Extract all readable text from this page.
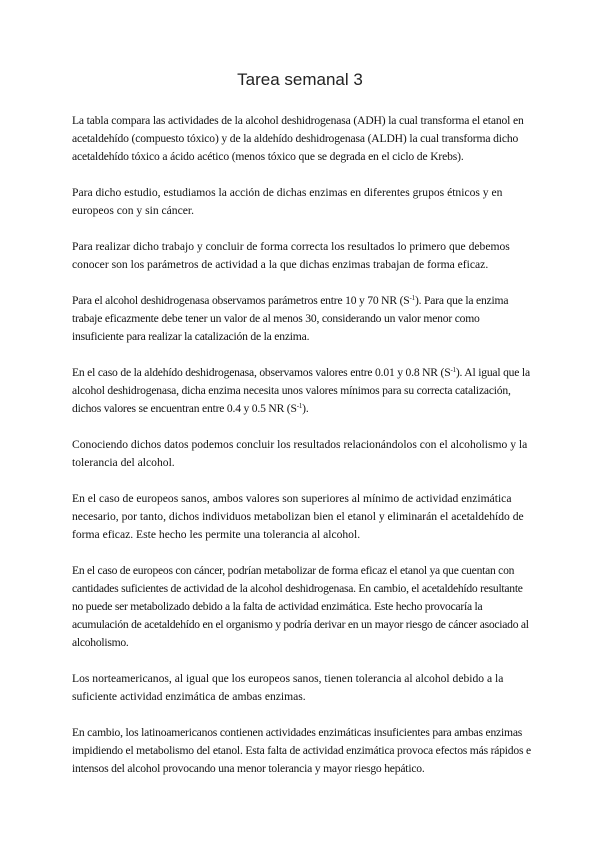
Tarea semanal 3

La tabla compara las actividades de la alcohol deshidrogenasa (ADH) la cual transforma el etanol en acetaldehído (compuesto tóxico) y de la aldehído deshidrogenasa (ALDH) la cual transforma dicho acetaldehído tóxico a ácido acético (menos tóxico que se degrada en el ciclo de Krebs).

Para dicho estudio, estudiamos la acción de dichas enzimas en diferentes grupos étnicos y en europeos con y sin cáncer.

Para realizar dicho trabajo y concluir de forma correcta los resultados lo primero que debemos conocer son los parámetros de actividad a la que dichas enzimas trabajan de forma eficaz.

Para el alcohol deshidrogenasa observamos parámetros entre 10 y 70 NR $(S^{-1})$. Para que la enzima trabaje eficazmente debe tener un valor de al menos 30, considerando un valor menor como insuficiente para realizar la catalización de la enzima.

En el caso de la aldehído deshidrogenasa, observamos valores entre 0.01 y 0.8 NR $(S^{-1})$. Al igual que la alcohol deshidrogenasa, dicha enzima necesita unos valores mínimos para su correcta catalización, dichos valores se encuentran entre 0.4 y 0.5 NR $(S^{-1})$.

Conociendo dichos datos podemos concluir los resultados relacionándolos con el alcoholismo y la tolerancia del alcohol.

En el caso de europeos sanos, ambos valores son superiores al mínimo de actividad enzimática necesario, por tanto, dichos individuos metabolizan bien el etanol y eliminarán el acetaldehído de forma eficaz. Este hecho les permite una tolerancia al alcohol.

En el caso de europeos con cáncer, podrían metabolizar de forma eficaz el etanol ya que cuentan con cantidades suficientes de actividad de la alcohol deshidrogenasa. En cambio, el acetaldehído resultante no puede ser metabolizado debido a la falta de actividad enzimática. Este hecho provocaría la acumulación de acetaldehído en el organismo y podría derivar en un mayor riesgo de cáncer asociado al alcoholismo.

Los norteamericanos, al igual que los europeos sanos, tienen tolerancia al alcohol debido a la suficiente actividad enzimática de ambas enzimas.

En cambio, los latinoamericanos contienen actividades enzimáticas insuficientes para ambas enzimas impidiendo el metabolismo del etanol. Esta falta de actividad enzimática provoca efectos más rápidos e intensos del alcohol provocando una menor tolerancia y mayor riesgo hepático.
